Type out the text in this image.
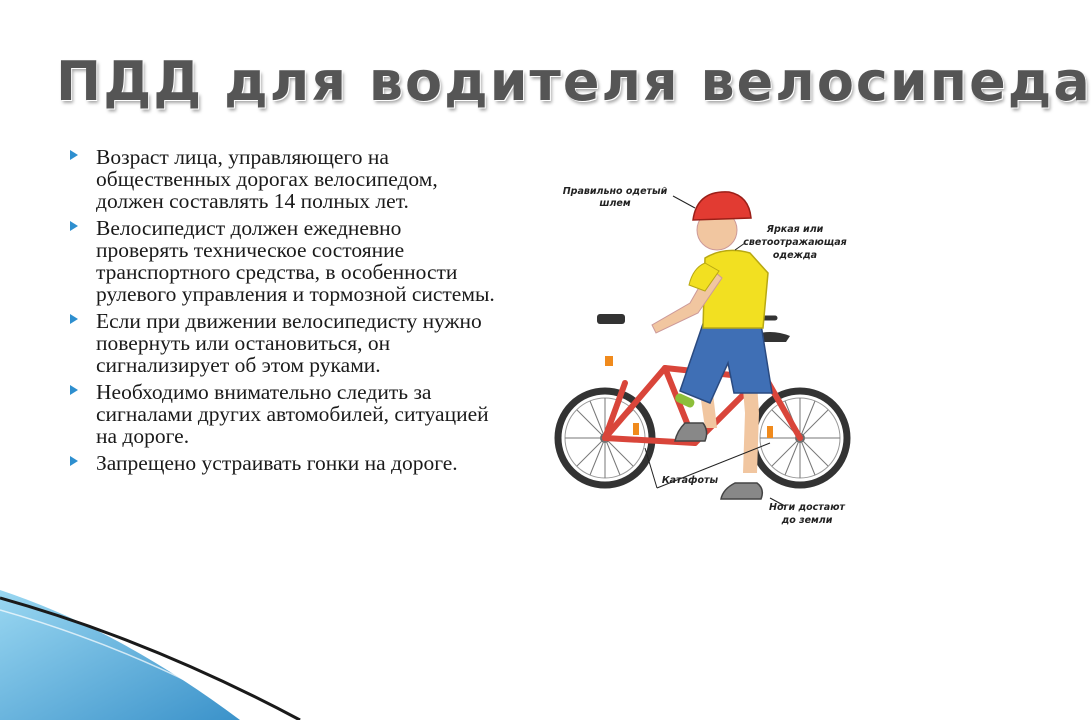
ПДД для водителя велосипеда
Возраст лица, управляющего на общественных дорогах велосипедом, должен составлять 14 полных лет.
Велосипедист должен ежедневно проверять техническое состояние транспортного средства, в особенности рулевого управления и тормозной системы.
Если при движении велосипедисту нужно повернуть или остановиться, он сигнализирует об этом руками.
Необходимо внимательно следить за сигналами других автомобилей, ситуацией на дороге.
Запрещено устраивать гонки на дороге.
Правильно одетый
шлем
Яркая или
светоотражающая
одежда
Катафоты
Ноги достают
до земли
